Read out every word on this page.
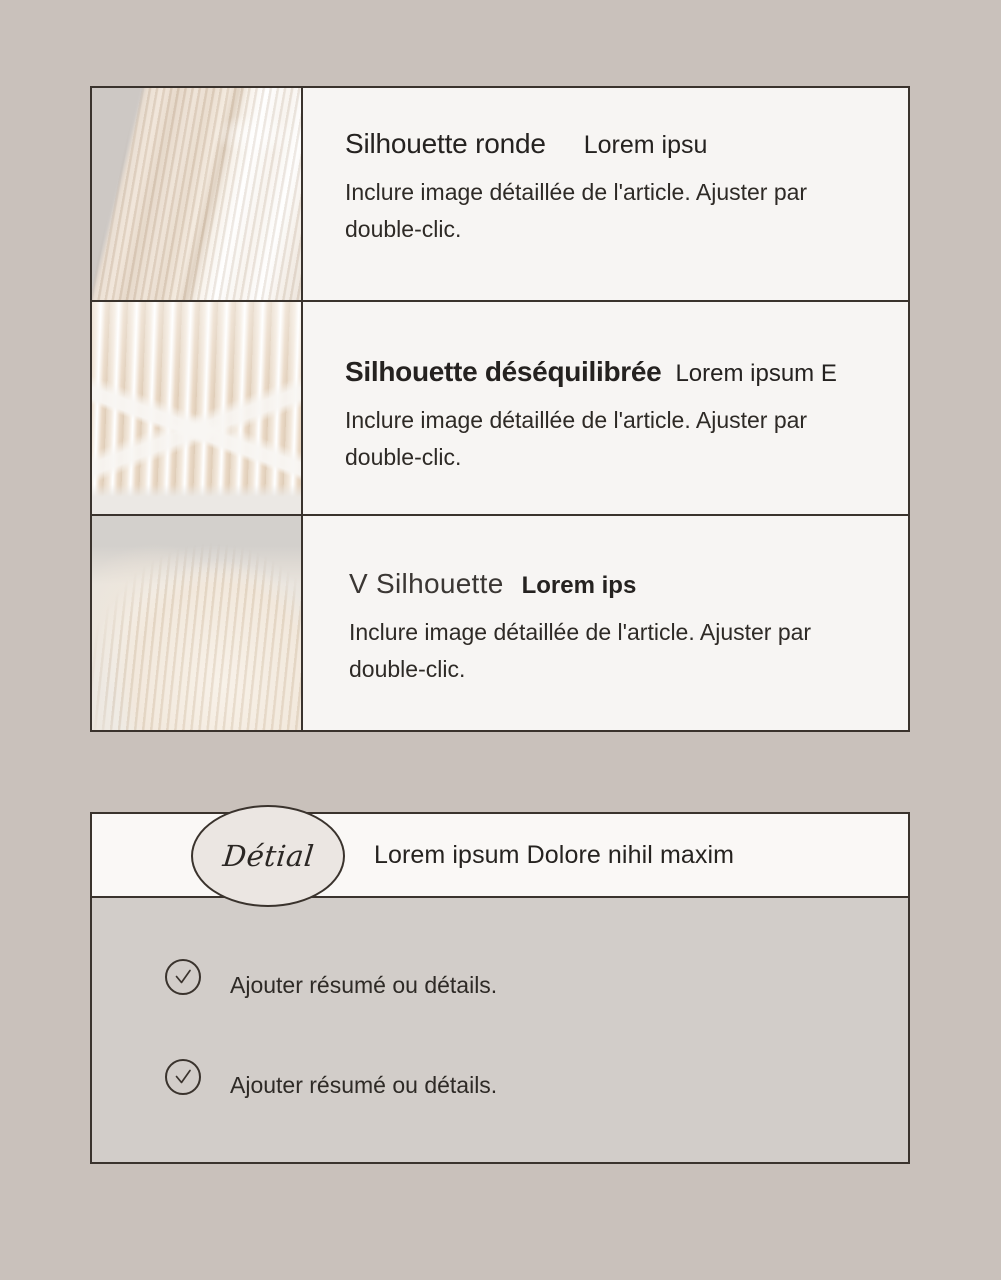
Silhouette ronde Lorem ipsu
Inclure image détaillée de l'article. Ajuster par double-clic.
Silhouette déséquilibrée Lorem ipsum E
Inclure image détaillée de l'article. Ajuster par double-clic.
V Silhouette Lorem ips
Inclure image détaillée de l'article. Ajuster par double-clic.
Détial Lorem ipsum Dolore nihil maxim
Ajouter résumé ou détails.
Ajouter résumé ou détails.
